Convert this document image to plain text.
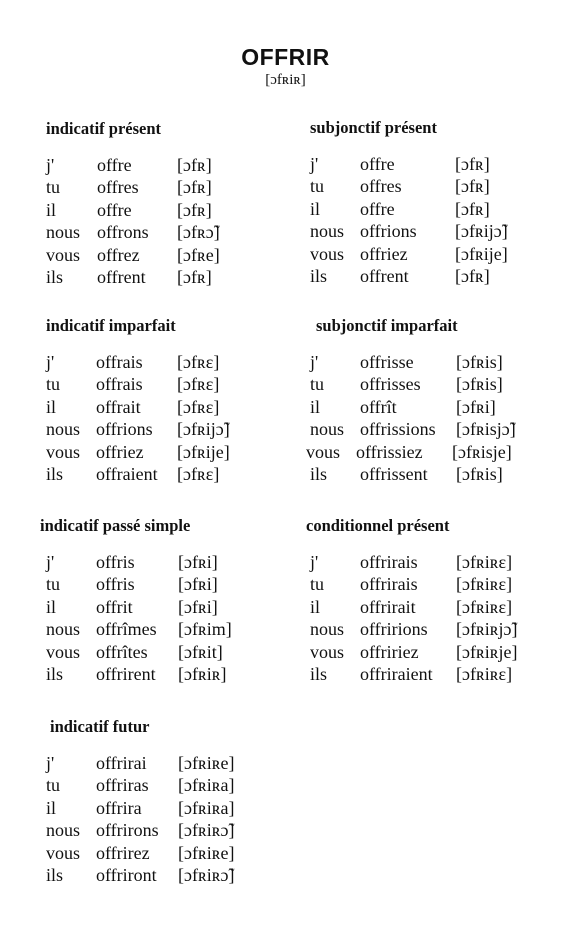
OFFRIR
[ɔfʀiʀ]
indicatif présent
j' offre	[ɔfʀ]
tu offres [ɔfʀ]
il offre	[ɔfʀ]
nous offrons [ɔfʀɔ̃]
vous offrez [ɔfʀe]
ils offrent [ɔfʀ]
subjonctif présent
j' offre	[ɔfʀ]
tu offres	[ɔfʀ]
il offre	[ɔfʀ]
nous offrions [ɔfʀijɔ̃]
vous offriez	[ɔfʀije]
ils offrent	[ɔfʀ]
indicatif imparfait
j' offrais [ɔfʀɛ]
tu offrais [ɔfʀɛ]
il offrait [ɔfʀɛ]
nous offrions [ɔfʀijɔ̃]
vous offriez [ɔfʀije]
ils offraient [ɔfʀɛ]
subjonctif imparfait
j' offrisse [ɔfʀis]
tu offrisses [ɔfʀis]
il offrît	[ɔfʀi]
nous offrissions [ɔfʀisjɔ̃]
vous offrissiez [ɔfʀisje]
ils offrissent [ɔfʀis]
indicatif passé simple
j' offris [ɔfʀi]
tu offris [ɔfʀi]
il offrit	[ɔfʀi]
nous offrîmes [ɔfʀim]
vous offrîtes [ɔfʀit]
ils offrirent [ɔfʀiʀ]
conditionnel présent
j' offrirais [ɔfʀiʀɛ]
tu offrirais [ɔfʀiʀɛ]
il offrirait [ɔfʀiʀɛ]
nous offririons [ɔfʀiʀjɔ̃]
vous offririez [ɔfʀiʀje]
ils offriraient [ɔfʀiʀɛ]
indicatif futur
j' offrirai [ɔfʀiʀe]
tu offriras [ɔfʀiʀa]
il offrira [ɔfʀiʀa]
nous offrirons [ɔfʀiʀɔ̃]
vous offrirez [ɔfʀiʀe]
ils offriront [ɔfʀiʀɔ̃]
